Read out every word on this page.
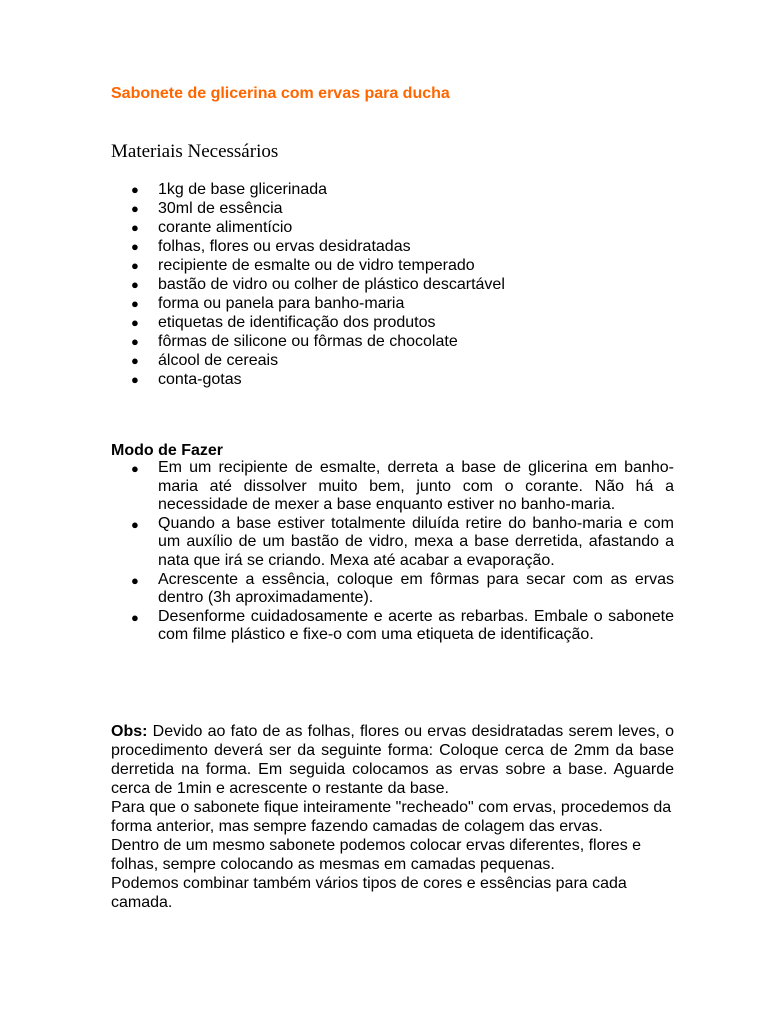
Sabonete de glicerina com ervas para ducha
Materiais Necessários
● 1kg de base glicerinada
● 30ml de essência
● corante alimentício
● folhas, flores ou ervas desidratadas
● recipiente de esmalte ou de vidro temperado
● bastão de vidro ou colher de plástico descartável
● forma ou panela para banho-maria
● etiquetas de identificação dos produtos
● fôrmas de silicone ou fôrmas de chocolate
● álcool de cereais
● conta-gotas
Modo de Fazer
● Em um recipiente de esmalte, derreta a base de glicerina em banho-maria até dissolver muito bem, junto com o corante. Não há a necessidade de mexer a base enquanto estiver no banho-maria.
● Quando a base estiver totalmente diluída retire do banho-maria e com um auxílio de um bastão de vidro, mexa a base derretida, afastando a nata que irá se criando. Mexa até acabar a evaporação.
● Acrescente a essência, coloque em fôrmas para secar com as ervas dentro (3h aproximadamente).
● Desenforme cuidadosamente e acerte as rebarbas. Embale o sabonete com filme plástico e fixe-o com uma etiqueta de identificação.

Obs: Devido ao fato de as folhas, flores ou ervas desidratadas serem leves, o procedimento deverá ser da seguinte forma: Coloque cerca de 2mm da base derretida na forma. Em seguida colocamos as ervas sobre a base. Aguarde cerca de 1min e acrescente o restante da base.

Para que o sabonete fique inteiramente "recheado" com ervas, procedemos da forma anterior, mas sempre fazendo camadas de colagem das ervas.

Dentro de um mesmo sabonete podemos colocar ervas diferentes, flores e folhas, sempre colocando as mesmas em camadas pequenas.

Podemos combinar também vários tipos de cores e essências para cada camada.
